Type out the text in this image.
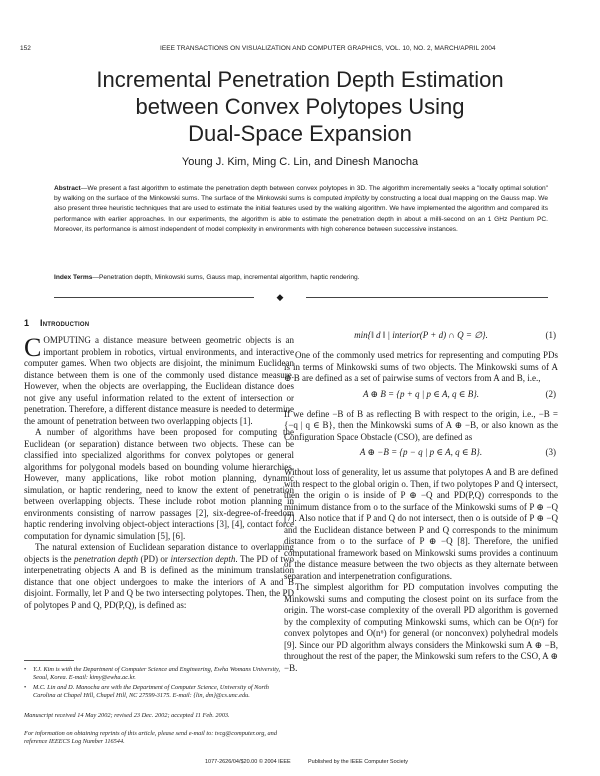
152	IEEE TRANSACTIONS ON VISUALIZATION AND COMPUTER GRAPHICS, VOL. 10, NO. 2, MARCH/APRIL 2004
Incremental Penetration Depth Estimation
between Convex Polytopes Using
Dual-Space Expansion
Young J. Kim, Ming C. Lin, and Dinesh Manocha
Abstract—We present a fast algorithm to estimate the penetration depth between convex polytopes in 3D. The algorithm incrementally seeks a "locally optimal solution" by walking on the surface of the Minkowski sums. The surface of the Minkowski sums is computed implicitly by constructing a local dual mapping on the Gauss map. We also present three heuristic techniques that are used to estimate the initial features used by the walking algorithm. We have implemented the algorithm and compared its performance with earlier approaches. In our experiments, the algorithm is able to estimate the penetration depth in about a milli-second on an 1 GHz Pentium PC. Moreover, its performance is almost independent of model complexity in environments with high coherence between successive instances.
Index Terms—Penetration depth, Minkowski sums, Gauss map, incremental algorithm, haptic rendering.
◆
1 Introduction

COMPUTING a distance measure between geometric objects is an important problem in robotics, virtual environments, and interactive computer games. When two objects are disjoint, the minimum Euclidean distance between them is one of the commonly used distance measure. However, when the objects are overlapping, the Euclidean distance does not give any useful information related to the extent of intersection or penetration. Therefore, a different distance measure is needed to determine the amount of penetration between two overlapping objects [1].

A number of algorithms have been proposed for computing the Euclidean (or separation) distance between two objects. These can be classified into specialized algorithms for convex polytopes or general algorithms for polygonal models based on bounding volume hierarchies. However, many applications, like robot motion planning, dynamic simulation, or haptic rendering, need to know the extent of penetration between overlapping objects. These include robot motion planning in environments consisting of narrow passages [2], six-degree-of-freedom haptic rendering involving object-object interactions [3], [4], contact force computation for dynamic simulation [5], [6].

The natural extension of Euclidean separation distance to overlapping objects is the penetration depth (PD) or intersection depth. The PD of two interpenetrating objects A and B is defined as the minimum translation distance that one object undergoes to make the interiors of A and B disjoint. Formally, let P and Q be two intersecting polytopes. Then, the PD of polytopes P and Q, PD(P,Q), is defined as:

min{‖ d ‖ | interior(P + d) ∩ Q = ∅}.	(1)

One of the commonly used metrics for representing and computing PDs is in terms of Minkowski sums of two objects. The Minkowski sums of A ⊕ B are defined as a set of pairwise sums of vectors from A and B, i.e.,

A ⊕ B = {p + q | p ∈ A, q ∈ B}.	(2)

If we define −B of B as reflecting B with respect to the origin, i.e., −B = {−q | q ∈ B}, then the Minkowski sums of A ⊕ −B, or also known as the Configuration Space Obstacle (CSO), are defined as

A ⊕ −B = {p − q | p ∈ A, q ∈ B}.	(3)

Without loss of generality, let us assume that polytopes A and B are defined with respect to the global origin o. Then, if two polytopes P and Q intersect, then the origin o is inside of P ⊕ −Q and PD(P,Q) corresponds to the minimum distance from o to the surface of the Minkowski sums of P ⊕ −Q [7]. Also notice that if P and Q do not intersect, then o is outside of P ⊕ −Q and the Euclidean distance between P and Q corresponds to the minimum distance from o to the surface of P ⊕ −Q [8]. Therefore, the unified computational framework based on Minkowski sums provides a continuum of the distance measure between the two objects as they alternate between separation and interpenetration configurations.

The simplest algorithm for PD computation involves computing the Minkowski sums and computing the closest point on its surface from the origin. The worst-case complexity of the overall PD algorithm is governed by the complexity of computing Minkowski sums, which can be O(n²) for convex polytopes and O(n⁶) for general (or nonconvex) polyhedral models [9]. Since our PD algorithm always considers the Minkowski sum A ⊕ −B, throughout the rest of the paper, the Minkowski sum refers to the CSO, A ⊕ −B.

•	Y.J. Kim is with the Department of Computer Science and Engineering, Ewha Womans University, Seoul, Korea. E-mail: kimy@ewha.ac.kr.
•	M.C. Lin and D. Manocha are with the Department of Computer Science, University of North Carolina at Chapel Hill, Chapel Hill, NC 27599-3175. E-mail: {lin, dm}@cs.unc.edu.
Manuscript received 14 May 2002; revised 23 Dec. 2002; accepted 11 Feb. 2003.
For information on obtaining reprints of this article, please send e-mail to: tvcg@computer.org, and reference IEEECS Log Number 116544.
1077-2626/04/$20.00 © 2004 IEEE	Published by the IEEE Computer Society
